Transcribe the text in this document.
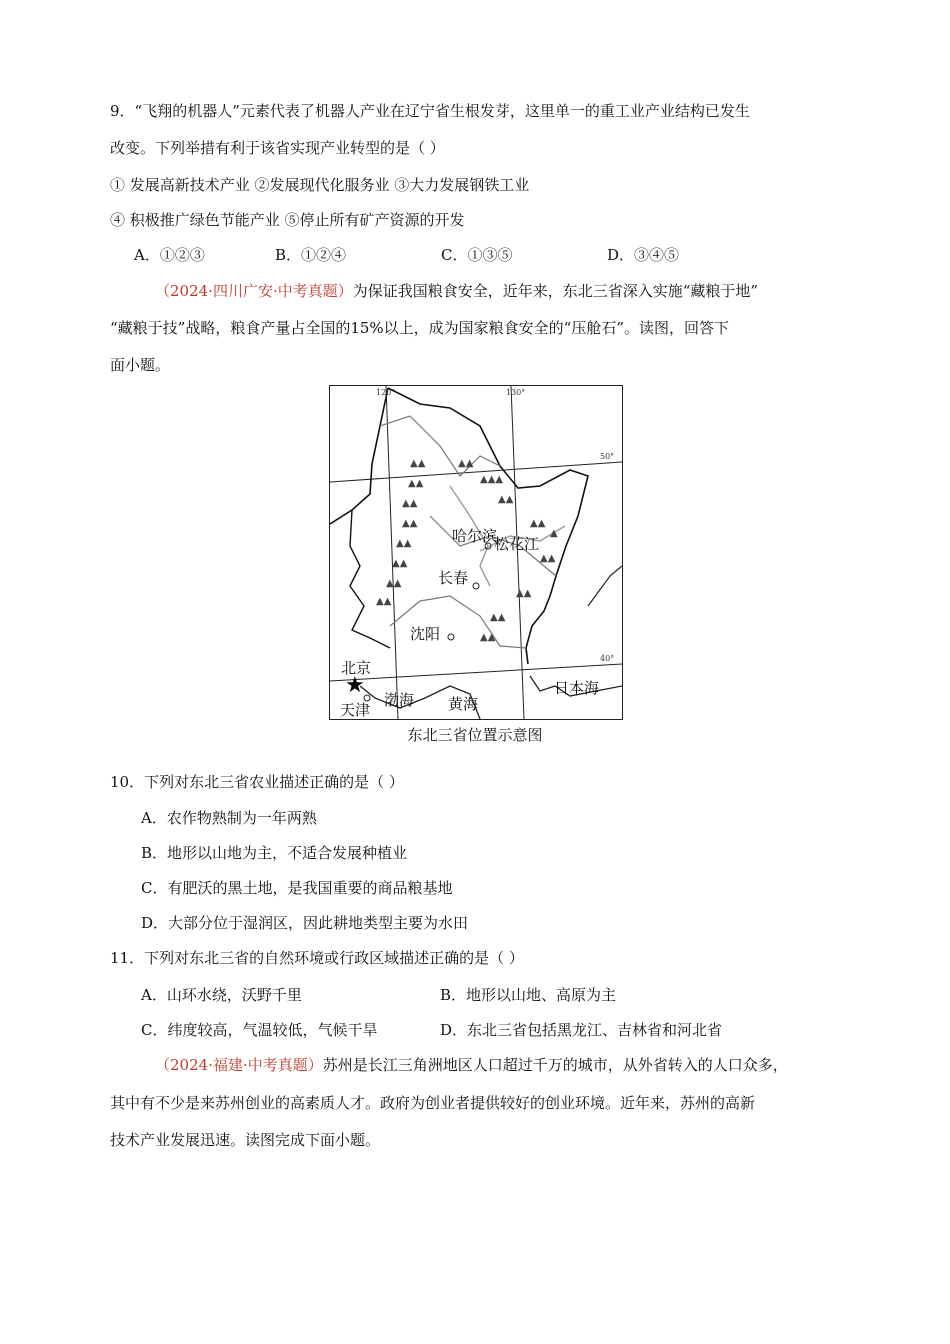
9．“飞翔的机器人”元素代表了机器人产业在辽宁省生根发芽，这里单一的重工业产业结构已发生
改变。下列举措有利于该省实现产业转型的是（ ）
① 发展高新技术产业 ②发展现代化服务业 ③大力发展钢铁工业
④ 积极推广绿色节能产业 ⑤停止所有矿产资源的开发
A．①②③	B．①②④	C．①③⑤	D．③④⑤
（2024·四川广安·中考真题）为保证我国粮食安全，近年来，东北三省深入实施“藏粮于地”
“藏粮于技”战略，粮食产量占全国的15%以上，成为国家粮食安全的“压舱石”。读图，回答下
面小题。
▲▲
▲▲
▲▲
▲▲
▲▲
▲▲
▲▲
▲▲
▲▲
▲▲▲
▲▲
▲▲
▲
▲▲
▲▲
▲▲
▲▲
★
120°	130°
50°
40°
哈尔滨
松花江
长春
沈阳
北京
天津
渤海 黄海
日本海
东北三省位置示意图
10．下列对东北三省农业描述正确的是（ ）
A．农作物熟制为一年两熟
B．地形以山地为主，不适合发展种植业
C．有肥沃的黑土地，是我国重要的商品粮基地
D．大部分位于湿润区，因此耕地类型主要为水田
11．下列对东北三省的自然环境或行政区域描述正确的是（ ）
A．山环水绕，沃野千里	B．地形以山地、高原为主
C．纬度较高，气温较低，气候干旱	D．东北三省包括黑龙江、吉林省和河北省
（2024·福建·中考真题）苏州是长江三角洲地区人口超过千万的城市，从外省转入的人口众多，
其中有不少是来苏州创业的高素质人才。政府为创业者提供较好的创业环境。近年来，苏州的高新
技术产业发展迅速。读图完成下面小题。
